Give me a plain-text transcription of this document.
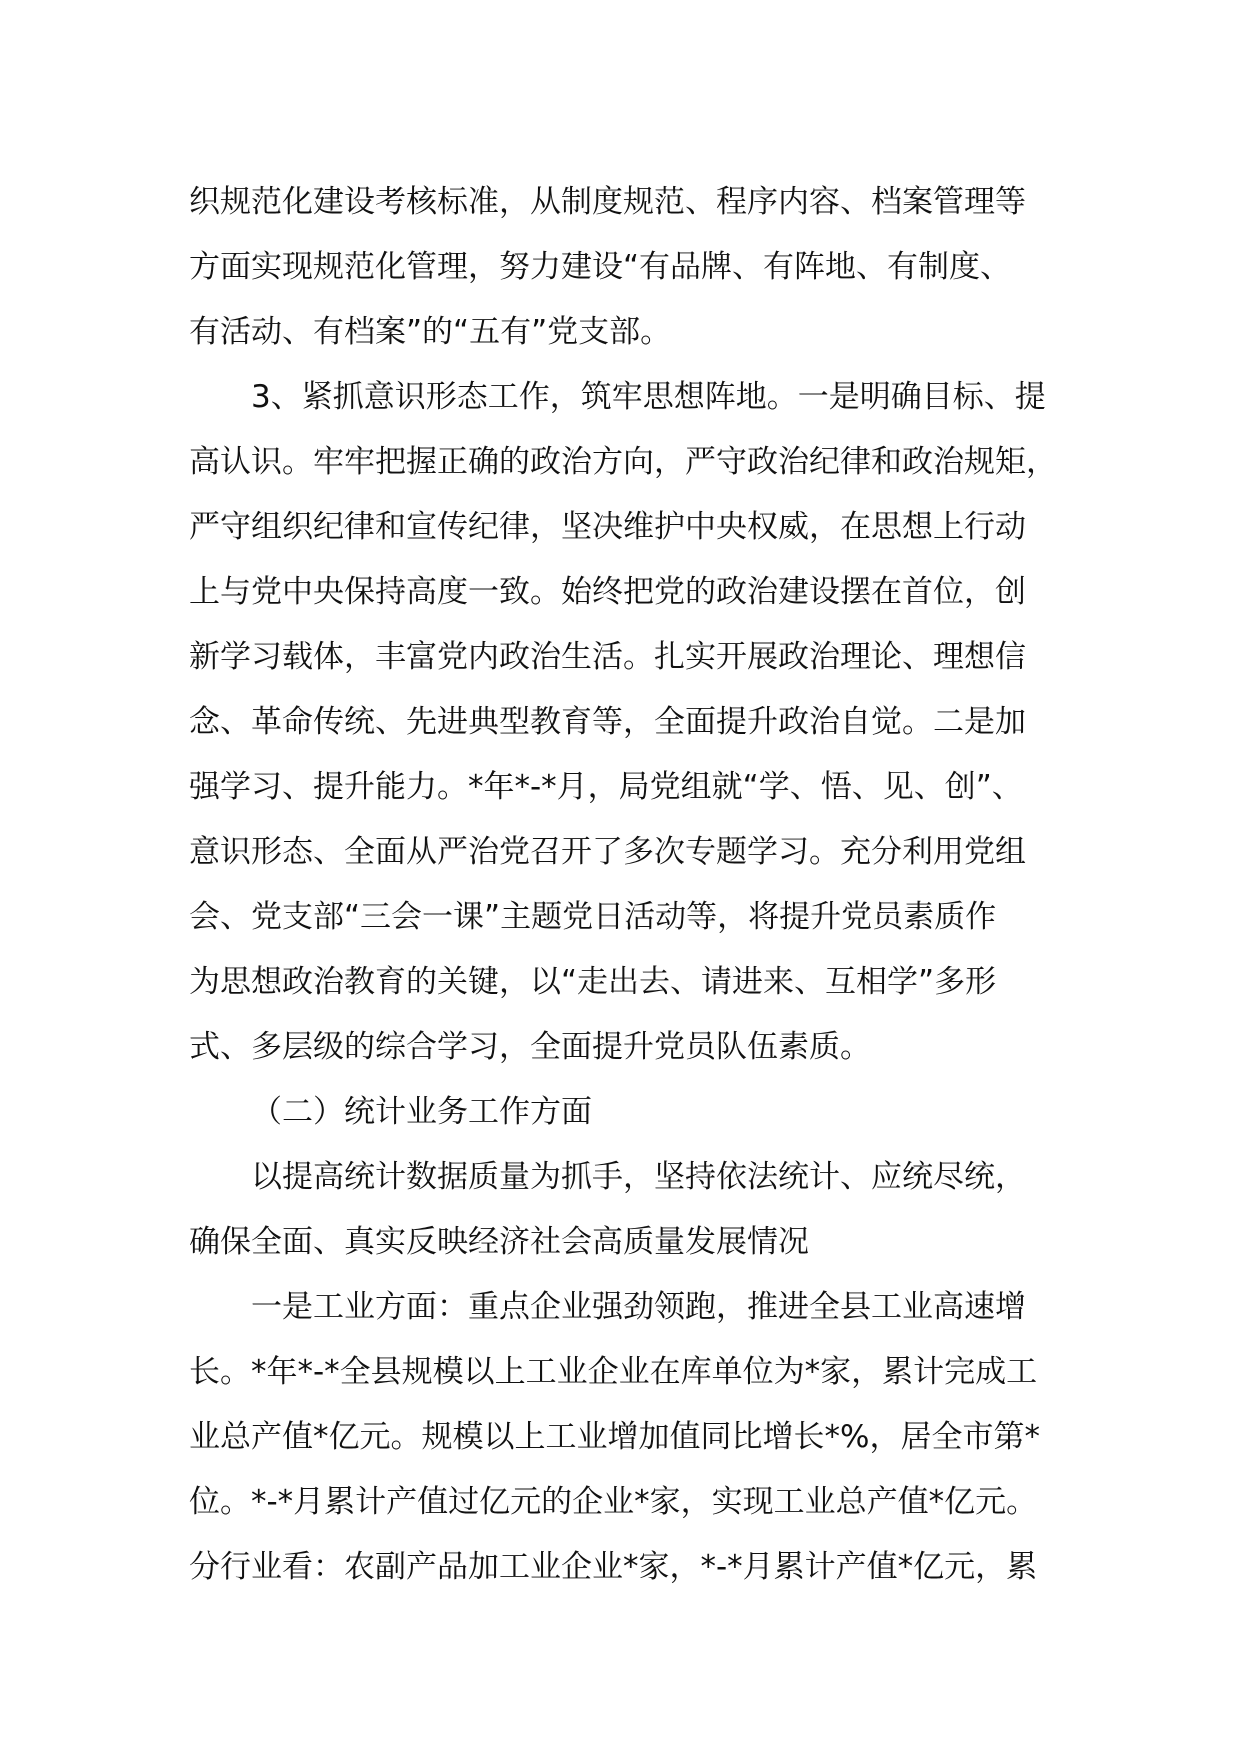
织规范化建设考核标准，从制度规范、程序内容、档案管理等
方面实现规范化管理，努力建设“有品牌、有阵地、有制度、
有活动、有档案”的“五有”党支部。
3、紧抓意识形态工作，筑牢思想阵地。一是明确目标、提
高认识。牢牢把握正确的政治方向，严守政治纪律和政治规矩，
严守组织纪律和宣传纪律，坚决维护中央权威，在思想上行动
上与党中央保持高度一致。始终把党的政治建设摆在首位，创
新学习载体，丰富党内政治生活。扎实开展政治理论、理想信
念、革命传统、先进典型教育等，全面提升政治自觉。二是加
强学习、提升能力。*年*-*月，局党组就“学、悟、见、创”、
意识形态、全面从严治党召开了多次专题学习。充分利用党组
会、党支部“三会一课”主题党日活动等，将提升党员素质作
为思想政治教育的关键，以“走出去、请进来、互相学”多形
式、多层级的综合学习，全面提升党员队伍素质。
（二）统计业务工作方面
以提高统计数据质量为抓手，坚持依法统计、应统尽统，
确保全面、真实反映经济社会高质量发展情况
一是工业方面：重点企业强劲领跑，推进全县工业高速增
长。*年*-*全县规模以上工业企业在库单位为*家，累计完成工
业总产值*亿元。规模以上工业增加值同比增长*%，居全市第*
位。*-*月累计产值过亿元的企业*家，实现工业总产值*亿元。
分行业看：农副产品加工业企业*家，*-*月累计产值*亿元，累
